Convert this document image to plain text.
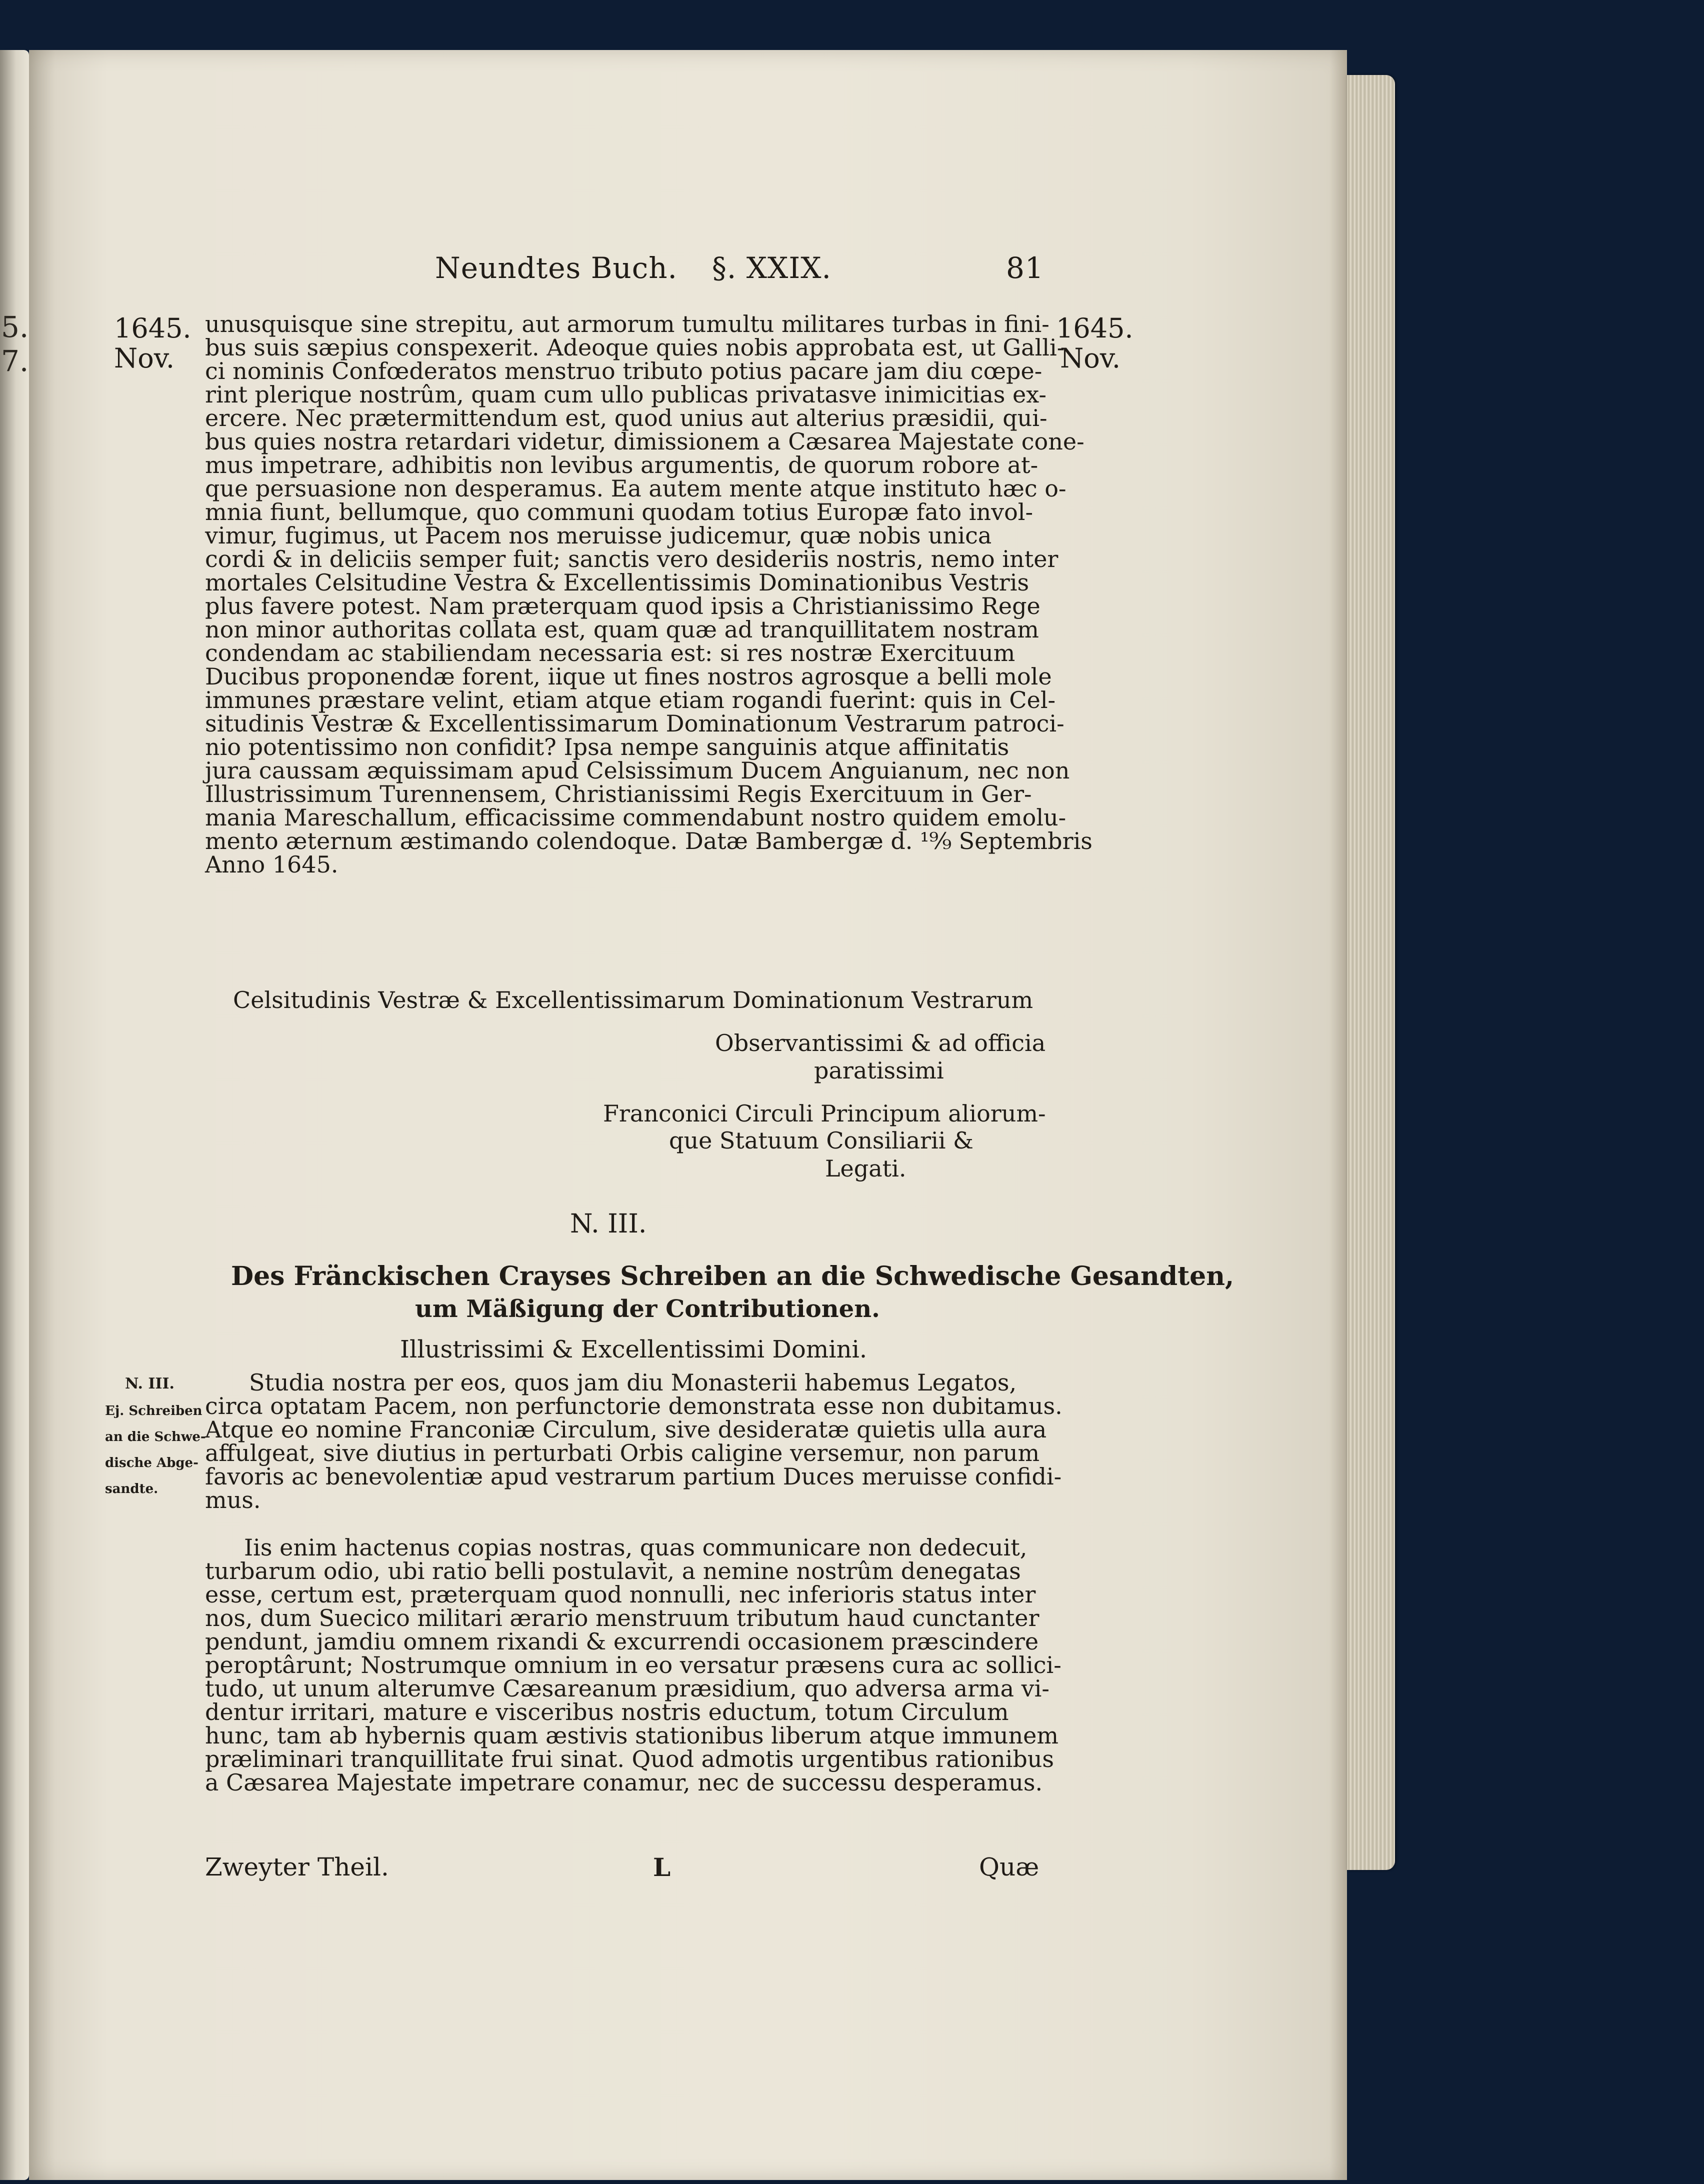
5.
7.
Neundtes Buch. §. XXIX.	81
1645.
Nov.
1645.
Nov.
unusquisque sine strepitu, aut armorum tumultu militares turbas in fini-
bus suis sæpius conspexerit. Adeoque quies nobis approbata est, ut Galli-
ci nominis Confœderatos menstruo tributo potius pacare jam diu cœpe-
rint plerique nostrûm, quam cum ullo publicas privatasve inimicitias ex-
ercere. Nec prætermittendum est, quod unius aut alterius præsidii, qui-
bus quies nostra retardari videtur, dimissionem a Cæsarea Majestate cone-
mus impetrare, adhibitis non levibus argumentis, de quorum robore at-
que persuasione non desperamus. Ea autem mente atque instituto hæc o-
mnia fiunt, bellumque, quo communi quodam totius Europæ fato invol-
vimur, fugimus, ut Pacem nos meruisse judicemur, quæ nobis unica
cordi & in deliciis semper fuit; sanctis vero desideriis nostris, nemo inter
mortales Celsitudine Vestra & Excellentissimis Dominationibus Vestris
plus favere potest. Nam præterquam quod ipsis a Christianissimo Rege
non minor authoritas collata est, quam quæ ad tranquillitatem nostram
condendam ac stabiliendam necessaria est: si res nostræ Exercituum
Ducibus proponendæ forent, iique ut fines nostros agrosque a belli mole
immunes præstare velint, etiam atque etiam rogandi fuerint: quis in Cel-
situdinis Vestræ & Excellentissimarum Dominationum Vestrarum patroci-
nio potentissimo non confidit? Ipsa nempe sanguinis atque affinitatis
jura caussam æquissimam apud Celsissimum Ducem Anguianum, nec non
Illustrissimum Turennensem, Christianissimi Regis Exercituum in Ger-
mania Mareschallum, efficacissime commendabunt nostro quidem emolu-
mento æternum æstimando colendoque. Datæ Bambergæ d. ¹⁹⁄₉ Septembris
Anno 1645.
Celsitudinis Vestræ & Excellentissimarum Dominationum Vestrarum
Observantissimi & ad officia
paratissimi
Franconici Circuli Principum aliorum-
que Statuum Consiliarii &
Legati.
N. III.
Des Fränckischen Crayses Schreiben an die Schwedische Gesandten,
um Mäßigung der Contributionen.
Illustrissimi & Excellentissimi Domini.
N. III.
Ej. Schreiben
an die Schwe-
dische Abge-
sandte.
Studia nostra per eos, quos jam diu Monasterii habemus Legatos,
circa optatam Pacem, non perfunctorie demonstrata esse non dubitamus.
Atque eo nomine Franconiæ Circulum, sive desideratæ quietis ulla aura
affulgeat, sive diutius in perturbati Orbis caligine versemur, non parum
favoris ac benevolentiæ apud vestrarum partium Duces meruisse confidi-
mus.
Iis enim hactenus copias nostras, quas communicare non dedecuit,
turbarum odio, ubi ratio belli postulavit, a nemine nostrûm denegatas
esse, certum est, præterquam quod nonnulli, nec inferioris status inter
nos, dum Suecico militari ærario menstruum tributum haud cunctanter
pendunt, jamdiu omnem rixandi & excurrendi occasionem præscindere
peroptârunt; Nostrumque omnium in eo versatur præsens cura ac sollici-
tudo, ut unum alterumve Cæsareanum præsidium, quo adversa arma vi-
dentur irritari, mature e visceribus nostris eductum, totum Circulum
hunc, tam ab hybernis quam æstivis stationibus liberum atque immunem
præliminari tranquillitate frui sinat. Quod admotis urgentibus rationibus
a Cæsarea Majestate impetrare conamur, nec de successu desperamus.
Zweyter Theil.	L	Quæ
